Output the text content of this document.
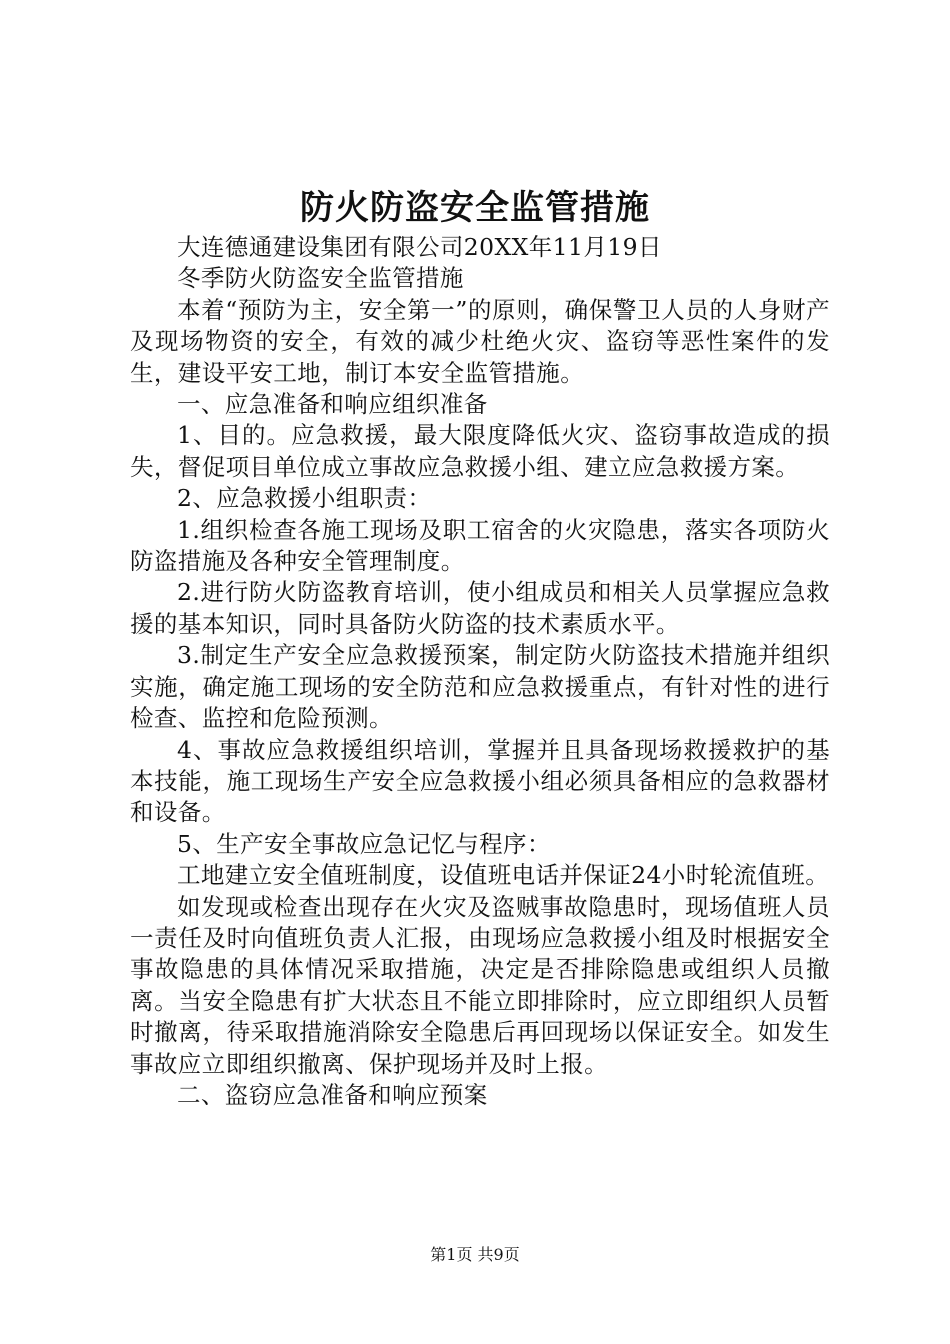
防火防盗安全监管措施

大连德通建设集团有限公司20XX年11月19日

冬季防火防盗安全监管措施

本着“预防为主，安全第一”的原则，确保警卫人员的人身财产及现场物资的安全，有效的减少杜绝火灾、盗窃等恶性案件的发生，建设平安工地，制订本安全监管措施。

一、应急准备和响应组织准备

1、目的。应急救援，最大限度降低火灾、盗窃事故造成的损失，督促项目单位成立事故应急救援小组、建立应急救援方案。

2、应急救援小组职责：

1.组织检查各施工现场及职工宿舍的火灾隐患，落实各项防火防盗措施及各种安全管理制度。

2.进行防火防盗教育培训，使小组成员和相关人员掌握应急救援的基本知识，同时具备防火防盗的技术素质水平。

3.制定生产安全应急救援预案，制定防火防盗技术措施并组织实施，确定施工现场的安全防范和应急救援重点，有针对性的进行检查、监控和危险预测。

4、事故应急救援组织培训，掌握并且具备现场救援救护的基本技能，施工现场生产安全应急救援小组必须具备相应的急救器材和设备。

5、生产安全事故应急记忆与程序：

工地建立安全值班制度，设值班电话并保证24小时轮流值班。

如发现或检查出现存在火灾及盗贼事故隐患时，现场值班人员一责任及时向值班负责人汇报，由现场应急救援小组及时根据安全事故隐患的具体情况采取措施，决定是否排除隐患或组织人员撤离。当安全隐患有扩大状态且不能立即排除时，应立即组织人员暂时撤离，待采取措施消除安全隐患后再回现场以保证安全。如发生事故应立即组织撤离、保护现场并及时上报。

二、盗窃应急准备和响应预案

第1页 共9页
